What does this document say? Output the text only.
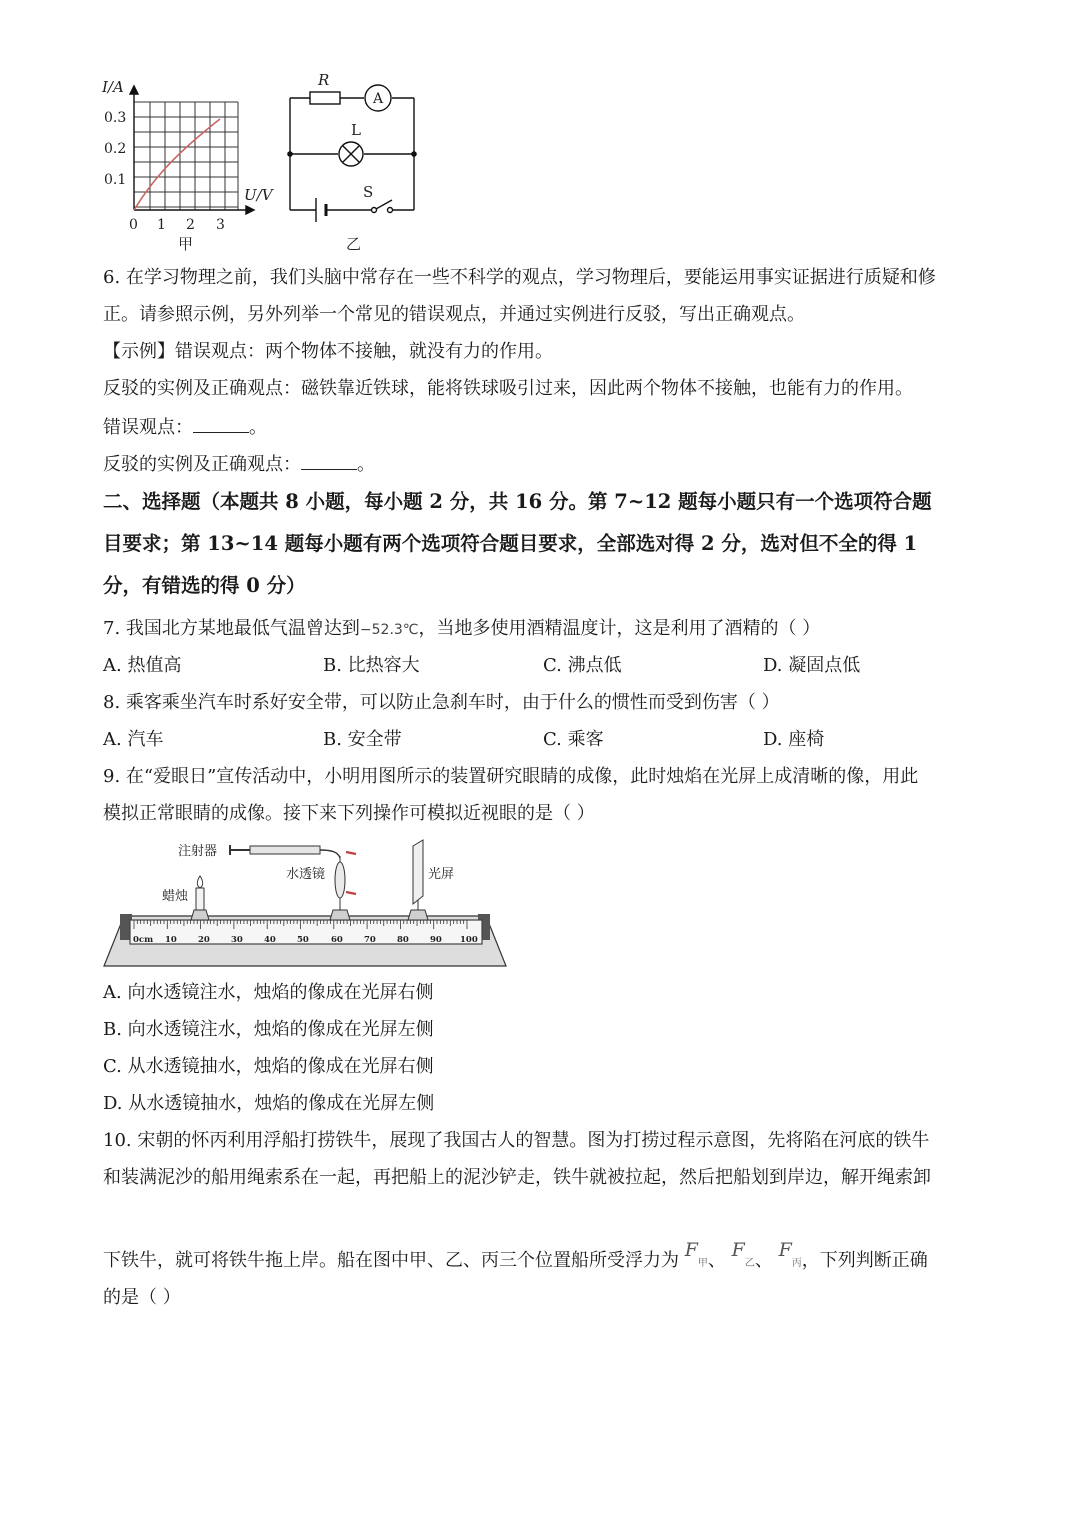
I/A
U/V
0.3
0.2
0.1
0 1 2 3
甲
R
A
L
S
乙
6. 在学习物理之前，我们头脑中常存在一些不科学的观点，学习物理后，要能运用事实证据进行质疑和修
正。请参照示例，另外列举一个常见的错误观点，并通过实例进行反驳，写出正确观点。
【示例】错误观点：两个物体不接触，就没有力的作用。
反驳的实例及正确观点：磁铁靠近铁球，能将铁球吸引过来，因此两个物体不接触，也能有力的作用。
错误观点：	。
反驳的实例及正确观点：	。
二、选择题（本题共 8 小题，每小题 2 分，共 16 分。第 7~12 题每小题只有一个选项符合题
目要求；第 13~14 题每小题有两个选项符合题目要求，全部选对得 2 分，选对但不全的得 1
分，有错选的得 0 分）
7. 我国北方某地最低气温曾达到−52.3℃，当地多使用酒精温度计，这是利用了酒精的（ ）
A. 热值高	B. 比热容大	C. 沸点低	D. 凝固点低
8. 乘客乘坐汽车时系好安全带，可以防止急刹车时，由于什么的惯性而受到伤害（ ）
A. 汽车	B. 安全带	C. 乘客	D. 座椅
9. 在“爱眼日”宣传活动中，小明用图所示的装置研究眼睛的成像，此时烛焰在光屏上成清晰的像，用此
模拟正常眼睛的成像。接下来下列操作可模拟近视眼的是（ ）
0cm 10 20 30 40 50	60 70 80 90 100
注射器
水透镜
蜡烛
光屏
A. 向水透镜注水，烛焰的像成在光屏右侧
B. 向水透镜注水，烛焰的像成在光屏左侧
C. 从水透镜抽水，烛焰的像成在光屏右侧
D. 从水透镜抽水，烛焰的像成在光屏左侧
10. 宋朝的怀丙利用浮船打捞铁牛，展现了我国古人的智慧。图为打捞过程示意图，先将陷在河底的铁牛
和装满泥沙的船用绳索系在一起，再把船上的泥沙铲走，铁牛就被拉起，然后把船划到岸边，解开绳索卸
下铁牛，就可将铁牛拖上岸。船在图中甲、乙、丙三个位置船所受浮力为 F甲、 F乙、 F丙，下列判断正确
的是（ ）
